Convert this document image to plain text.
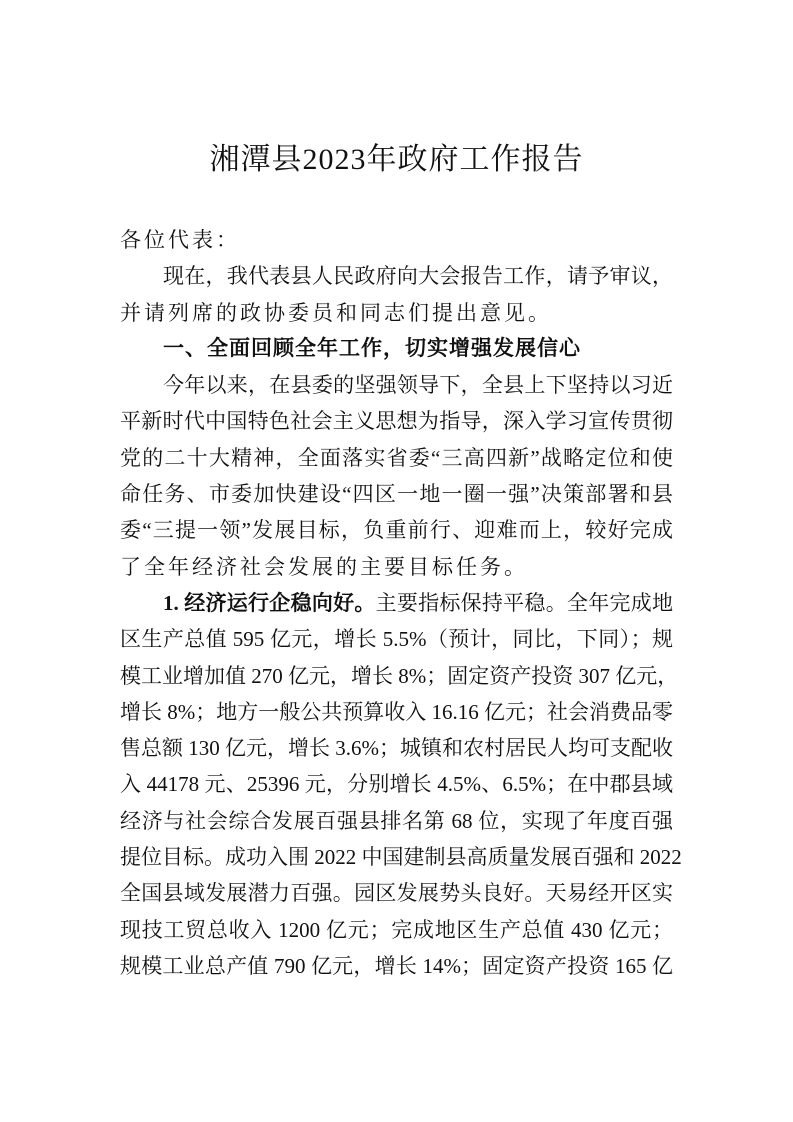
湘潭县2023年政府工作报告
各位代表：
现在，我代表县人民政府向大会报告工作，请予审议，
并请列席的政协委员和同志们提出意见。
一、全面回顾全年工作，切实增强发展信心
今年以来，在县委的坚强领导下，全县上下坚持以习近
平新时代中国特色社会主义思想为指导，深入学习宣传贯彻
党的二十大精神，全面落实省委“三高四新”战略定位和使
命任务、市委加快建设“四区一地一圈一强”决策部署和县
委“三提一领”发展目标，负重前行、迎难而上，较好完成
了全年经济社会发展的主要目标任务。
1. 经济运行企稳向好。主要指标保持平稳。全年完成地
区生产总值 595 亿元，增长 5.5%（预计，同比，下同）；规
模工业增加值 270 亿元，增长 8%；固定资产投资 307 亿元，
增长 8%；地方一般公共预算收入 16.16 亿元；社会消费品零
售总额 130 亿元，增长 3.6%；城镇和农村居民人均可支配收
入 44178 元、25396 元，分别增长 4.5%、6.5%；在中郡县域
经济与社会综合发展百强县排名第 68 位，实现了年度百强
提位目标。成功入围 2022 中国建制县高质量发展百强和 2022
全国县域发展潜力百强。园区发展势头良好。天易经开区实
现技工贸总收入 1200 亿元；完成地区生产总值 430 亿元；
规模工业总产值 790 亿元，增长 14%；固定资产投资 165 亿
